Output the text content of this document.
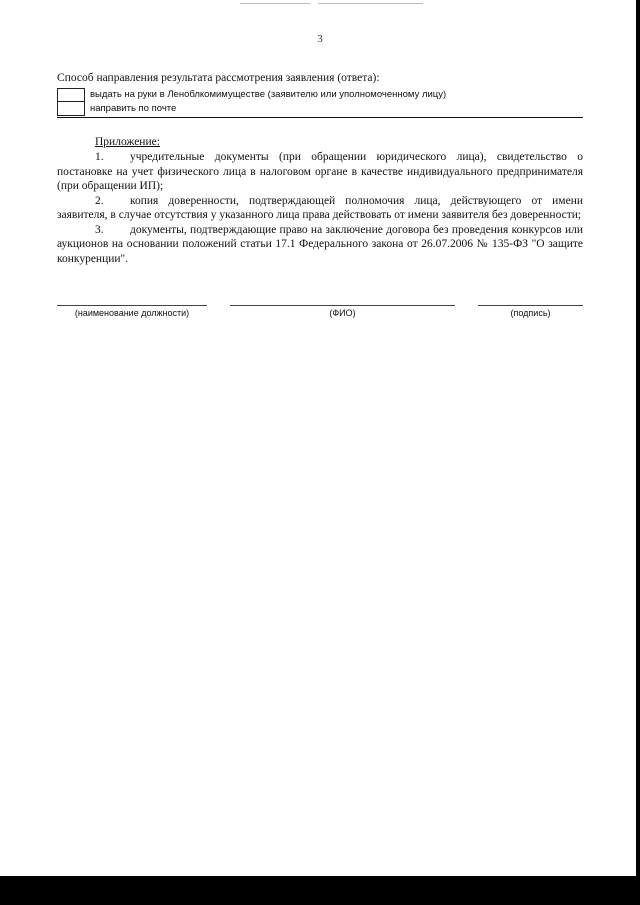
3
Способ направления результата рассмотрения заявления (ответа):
выдать на руки в Леноблкомимуществе (заявителю или уполномоченному лицу)
направить по почте
Приложение:

1. учредительные документы (при обращении юридического лица), свидетельство о постановке на учет физического лица в налоговом органе в качестве индивидуального предпринимателя (при обращении ИП);

2. копия доверенности, подтверждающей полномочия лица, действующего от имени заявителя, в случае отсутствия у указанного лица права действовать от имени заявителя без доверенности;

3. документы, подтверждающие право на заключение договора без проведения конкурсов или аукционов на основании положений статьи 17.1 Федерального закона от 26.07.2006 № 135-ФЗ "О защите конкуренции".

(наименование должности)	(ФИО)	(подпись)
